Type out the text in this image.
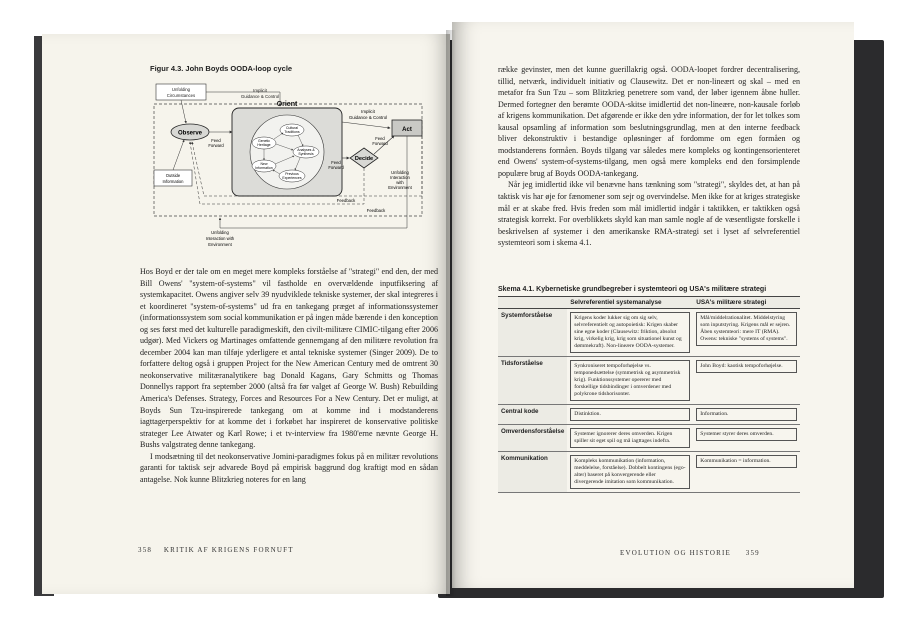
Figur 4.3. John Boyds OODA-loop cycle
Unfolding
Circumstances
Implicit
Guidance & Control
Orient
Cultural
Traditions
Genetic
Heritage
Analyses &
Synthesis
New
Information
Previous
Experiences
Observe
Outside
Information
Decide
Act
Implicit
Guidance & Control
Feed
Forward
Feed
Forward
Feed
Forward
Feedback
Feedback
Unfolding
Interaction with
Environment
Unfolding
Interaction
with
Environment

Hos Boyd er der tale om en meget mere kompleks forståelse af "strategi" end den, der med Bill Owens' "system-of-systems" vil fastholde en overvældende inputfiksering af systemkapacitet. Owens angiver selv 39 nyudviklede tekniske systemer, der skal integreres i et koordineret "system-of-systems" ud fra en tankegang præget af informationssystemer (informationssystem som social kommunikation er på ingen måde bærende i den konception og ses først med det kulturelle paradigmeskift, den civilt-militære CIMIC-tilgang efter 2006 udgør). Med Vickers og Martinages omfattende gennemgang af den militære revolution fra december 2004 kan man tilføje yderligere et antal tekniske systemer (Singer 2009). De to forfattere deltog også i gruppen Project for the New American Century med de omtrent 30 neokonservative militæranalytikere bag Donald Kagans, Gary Schmitts og Thomas Donnellys rapport fra september 2000 (altså fra før valget af George W. Bush) Rebuilding America's Defenses. Strategy, Forces and Resources For a New Century. Det er muligt, at Boyds Sun Tzu-inspirerede tankegang om at komme ind i modstanderens iagttagerperspektiv for at komme det i forkøbet har inspireret de konservative politiske strateger Lee Atwater og Karl Rowe; i et tv-interview fra 1980'erne nævnte George H. Bushs valgstrateg denne tankegang.

I modsætning til det neokonservative Jomini-paradigmes fokus på en militær revolutions garanti for taktisk sejr advarede Boyd på empirisk baggrund dog kraftigt mod en sådan antagelse. Nok kunne Blitzkrieg noteres for en lang

358 KRITIK AF KRIGENS FORNUFT

række gevinster, men det kunne guerillakrig også. OODA-loopet fordrer decentralisering, tillid, netværk, individuelt initiativ og Clausewitz. Det er non-lineært og skal – med en metafor fra Sun Tzu – som Blitzkrieg penetrere som vand, der løber igennem åbne huller. Dermed fortegner den berømte OODA-skitse imidlertid det non-lineære, non-kausale forløb af krigens kommunikation. Det afgørende er ikke den ydre information, der for let tolkes som kausal opsamling af information som beslutningsgrundlag, men at den interne feedback bliver dekonstruktiv i bestandige opløsninger af fordomme om egen formåen og modstanderens formåen. Boyds tilgang var således mere kompleks og kontingensorienteret end Owens' system-of-systems-tilgang, men også mere kompleks end den forsimplende populære brug af Boyds OODA-tankegang.

Når jeg imidlertid ikke vil benævne hans tænkning som "strategi", skyldes det, at han på taktisk vis har øje for fænomener som sejr og overvindelse. Men ikke for at kriges strategiske mål er at skabe fred. Hvis freden som mål imidlertid indgår i taktikken, er taktikken også strategisk korrekt. For overblikkets skyld kan man samle nogle af de væsentligste forskelle i beskrivelsen af systemer i den amerikanske RMA-strategi set i lyset af selvreferentiel systemteori som i skema 4.1.

Skema 4.1. Kybernetiske grundbegreber i systemteori og USA's militære strategi
	Selvreferentiel systemanalyse	USA's militære strategi
Systemforståelse	Krigens koder lukker sig om sig selv, selvreferentielt og autopoietisk: Krigen skaber sine egne koder (Clausewitz: friktion, absolut krig, virkelig krig, krig som situationel kunst og dømmekraft). Non-lineære OODA-systemer.	Mål/middelrationalitet. Middelstyring som inputstyring. Krigens mål er sejren. Åben systemteori: mere IT (RMA). Owens: tekniske "systems of systems".

Tidsforståelse	Synkroniseret tempoforhøjelse vs. temponedsættelse (symmetrisk og asymmetrisk krig). Funktionssystemer opererer med forskellige tidsbindinger i omverdener med polykrone tidshorisonter.	John Boyd: kaotisk tempoforhøjelse.

Central kode	Distinktion.	Information.

Omverdensforståelse	Systemer ignorerer deres omverden. Krigen spiller sit eget spil og må iagttages indefra.	Systemer styrer deres omverden.

Kommunikation	Kompleks kommunikation (information, meddelelse, forståelse). Dobbelt kontingens (ego-alter) baseret på konvergerende eller divergerende imitation som kommunikation.	Kommunikation = information.
EVOLUTION OG HISTORIE 359
